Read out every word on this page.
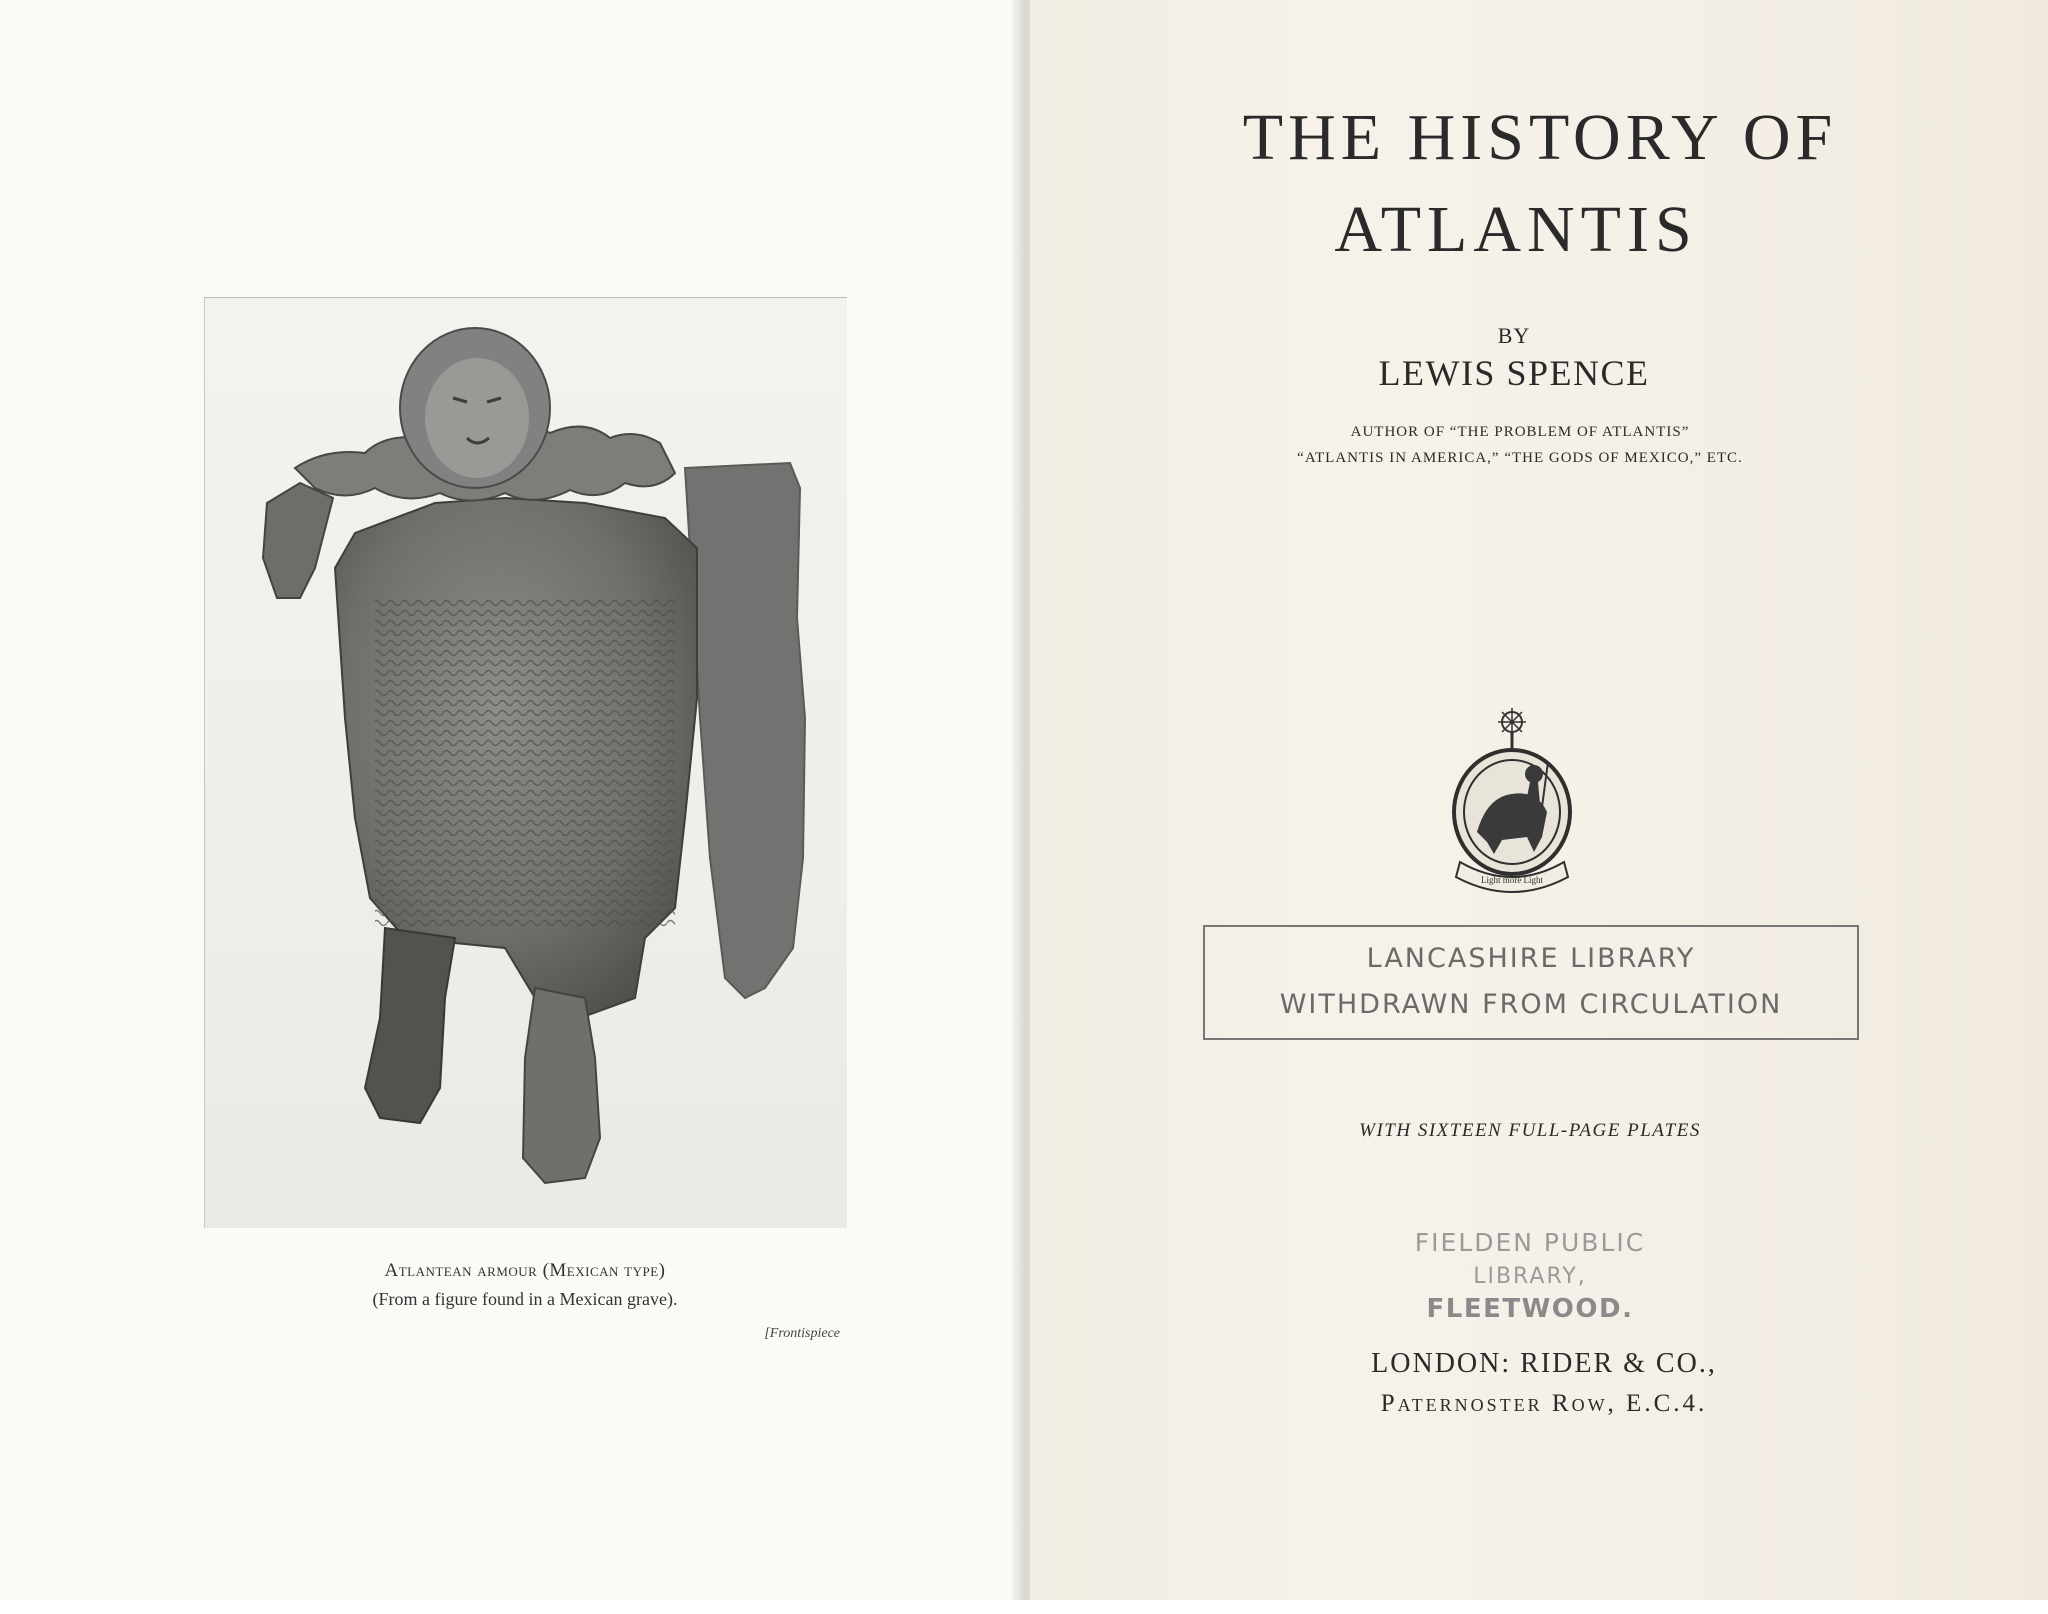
Atlantean armour (Mexican type)
(From a figure found in a Mexican grave).
[Frontispiece
THE HISTORY OF
ATLANTIS
BY
LEWIS SPENCE
AUTHOR OF “THE PROBLEM OF ATLANTIS”
“ATLANTIS IN AMERICA,” “THE GODS OF MEXICO,” ETC.
Light more Light
LANCASHIRE LIBRARY
WITHDRAWN FROM CIRCULATION
WITH SIXTEEN FULL-PAGE PLATES
FIELDEN PUBLIC
LIBRARY,
FLEETWOOD.
LONDON: RIDER & CO.,
Paternoster Row, E.C.4.
